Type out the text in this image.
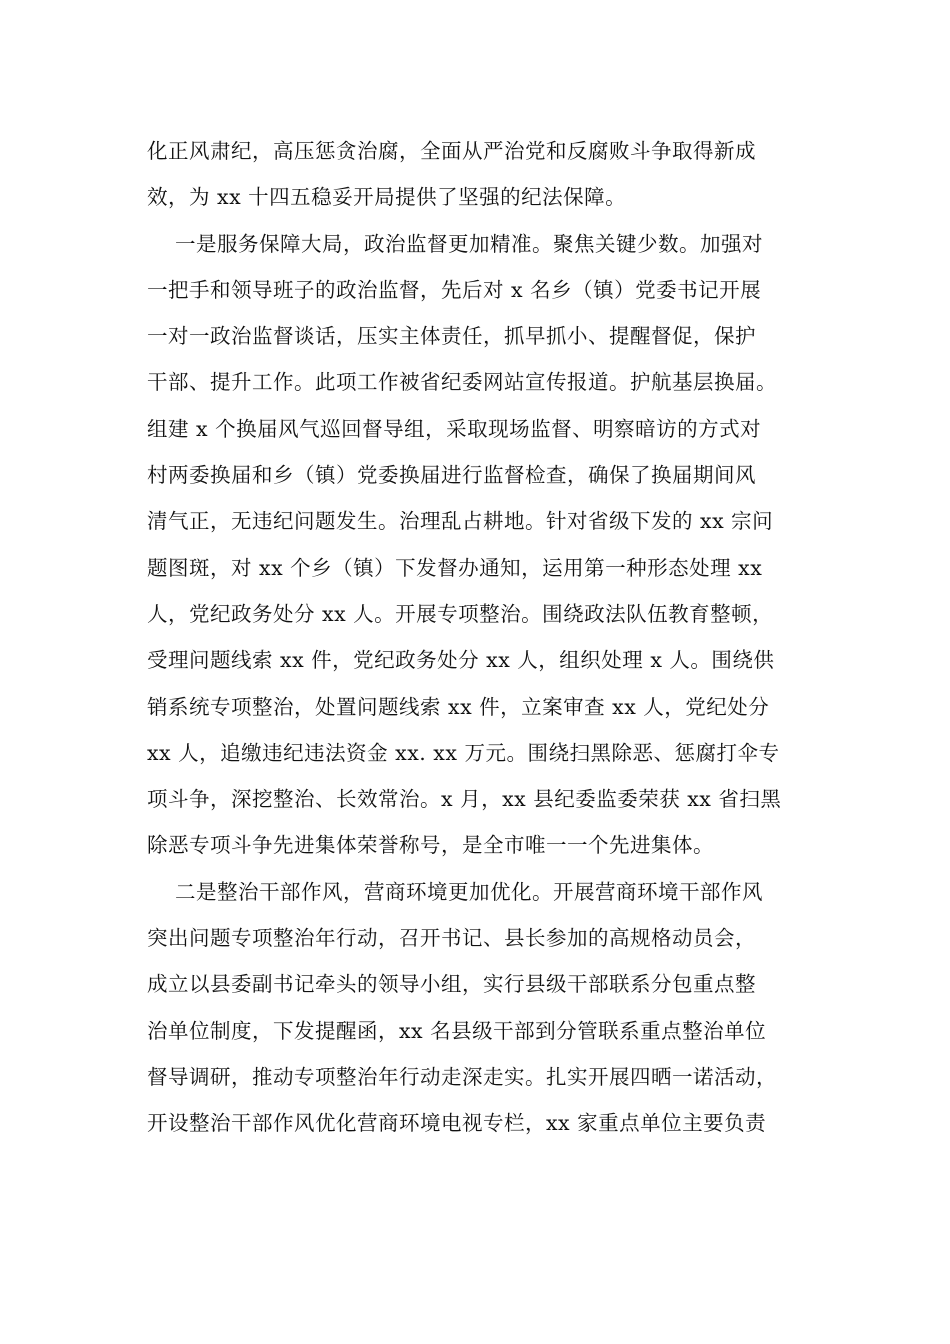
化正风肃纪，高压惩贪治腐，全面从严治党和反腐败斗争取得新成
效，为 xx 十四五稳妥开局提供了坚强的纪法保障。
一是服务保障大局，政治监督更加精准。聚焦关键少数。加强对
一把手和领导班子的政治监督，先后对 x 名乡（镇）党委书记开展
一对一政治监督谈话，压实主体责任，抓早抓小、提醒督促，保护
干部、提升工作。此项工作被省纪委网站宣传报道。护航基层换届。
组建 x 个换届风气巡回督导组，采取现场监督、明察暗访的方式对
村两委换届和乡（镇）党委换届进行监督检查，确保了换届期间风
清气正，无违纪问题发生。治理乱占耕地。针对省级下发的 xx 宗问
题图斑，对 xx 个乡（镇）下发督办通知，运用第一种形态处理 xx
人，党纪政务处分 xx 人。开展专项整治。围绕政法队伍教育整顿，
受理问题线索 xx 件，党纪政务处分 xx 人，组织处理 x 人。围绕供
销系统专项整治，处置问题线索 xx 件，立案审查 xx 人，党纪处分
xx 人，追缴违纪违法资金 xx. xx 万元。围绕扫黑除恶、惩腐打伞专
项斗争，深挖整治、长效常治。x 月，xx 县纪委监委荣获 xx 省扫黑
除恶专项斗争先进集体荣誉称号，是全市唯一一个先进集体。
二是整治干部作风，营商环境更加优化。开展营商环境干部作风
突出问题专项整治年行动，召开书记、县长参加的高规格动员会，
成立以县委副书记牵头的领导小组，实行县级干部联系分包重点整
治单位制度，下发提醒函，xx 名县级干部到分管联系重点整治单位
督导调研，推动专项整治年行动走深走实。扎实开展四晒一诺活动，
开设整治干部作风优化营商环境电视专栏，xx 家重点单位主要负责
